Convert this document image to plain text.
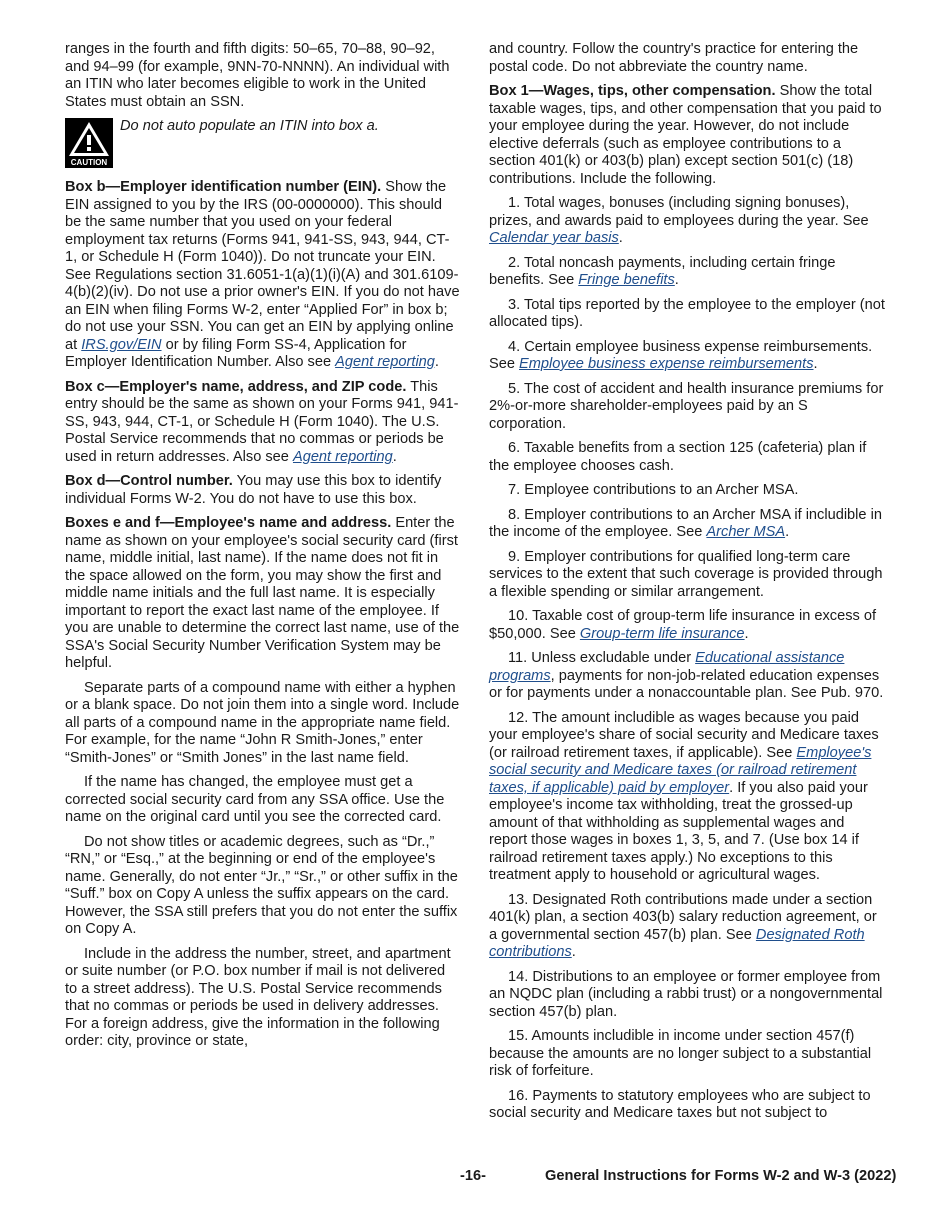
ranges in the fourth and fifth digits: 50–65, 70–88, 90–92, and 94–99 (for example, 9NN-70-NNNN). An individual with an ITIN who later becomes eligible to work in the United States must obtain an SSN.

CAUTION
Do not auto populate an ITIN into box a.

Box b—Employer identification number (EIN). Show the EIN assigned to you by the IRS (00-0000000). This should be the same number that you used on your federal employment tax returns (Forms 941, 941-SS, 943, 944, CT-1, or Schedule H (Form 1040)). Do not truncate your EIN. See Regulations section 31.6051-1(a)(1)(i)(A) and 301.6109-4(b)(2)(iv). Do not use a prior owner's EIN. If you do not have an EIN when filing Forms W-2, enter “Applied For” in box b; do not use your SSN. You can get an EIN by applying online at IRS.gov/EIN or by filing Form SS-4, Application for Employer Identification Number. Also see Agent reporting.

Box c—Employer's name, address, and ZIP code. This entry should be the same as shown on your Forms 941, 941-SS, 943, 944, CT-1, or Schedule H (Form 1040). The U.S. Postal Service recommends that no commas or periods be used in return addresses. Also see Agent reporting.

Box d—Control number. You may use this box to identify individual Forms W-2. You do not have to use this box.

Boxes e and f—Employee's name and address. Enter the name as shown on your employee's social security card (first name, middle initial, last name). If the name does not fit in the space allowed on the form, you may show the first and middle name initials and the full last name. It is especially important to report the exact last name of the employee. If you are unable to determine the correct last name, use of the SSA's Social Security Number Verification System may be helpful.

Separate parts of a compound name with either a hyphen or a blank space. Do not join them into a single word. Include all parts of a compound name in the appropriate name field. For example, for the name “John R Smith-Jones,” enter “Smith-Jones” or “Smith Jones” in the last name field.

If the name has changed, the employee must get a corrected social security card from any SSA office. Use the name on the original card until you see the corrected card.

Do not show titles or academic degrees, such as “Dr.,” “RN,” or “Esq.,” at the beginning or end of the employee's name. Generally, do not enter “Jr.,” “Sr.,” or other suffix in the “Suff.” box on Copy A unless the suffix appears on the card. However, the SSA still prefers that you do not enter the suffix on Copy A.

Include in the address the number, street, and apartment or suite number (or P.O. box number if mail is not delivered to a street address). The U.S. Postal Service recommends that no commas or periods be used in delivery addresses. For a foreign address, give the information in the following order: city, province or state,

and country. Follow the country's practice for entering the postal code. Do not abbreviate the country name.

Box 1—Wages, tips, other compensation. Show the total taxable wages, tips, and other compensation that you paid to your employee during the year. However, do not include elective deferrals (such as employee contributions to a section 401(k) or 403(b) plan) except section 501(c) (18) contributions. Include the following.

1. Total wages, bonuses (including signing bonuses), prizes, and awards paid to employees during the year. See Calendar year basis.

2. Total noncash payments, including certain fringe benefits. See Fringe benefits.

3. Total tips reported by the employee to the employer (not allocated tips).

4. Certain employee business expense reimbursements. See Employee business expense reimbursements.

5. The cost of accident and health insurance premiums for 2%-or-more shareholder-employees paid by an S corporation.

6. Taxable benefits from a section 125 (cafeteria) plan if the employee chooses cash.

7. Employee contributions to an Archer MSA.

8. Employer contributions to an Archer MSA if includible in the income of the employee. See Archer MSA.

9. Employer contributions for qualified long-term care services to the extent that such coverage is provided through a flexible spending or similar arrangement.

10. Taxable cost of group-term life insurance in excess of $50,000. See Group-term life insurance.

11. Unless excludable under Educational assistance programs, payments for non-job-related education expenses or for payments under a nonaccountable plan. See Pub. 970.

12. The amount includible as wages because you paid your employee's share of social security and Medicare taxes (or railroad retirement taxes, if applicable). See Employee's social security and Medicare taxes (or railroad retirement taxes, if applicable) paid by employer. If you also paid your employee's income tax withholding, treat the grossed-up amount of that withholding as supplemental wages and report those wages in boxes 1, 3, 5, and 7. (Use box 14 if railroad retirement taxes apply.) No exceptions to this treatment apply to household or agricultural wages.

13. Designated Roth contributions made under a section 401(k) plan, a section 403(b) salary reduction agreement, or a governmental section 457(b) plan. See Designated Roth contributions.

14. Distributions to an employee or former employee from an NQDC plan (including a rabbi trust) or a nongovernmental section 457(b) plan.

15. Amounts includible in income under section 457(f) because the amounts are no longer subject to a substantial risk of forfeiture.

16. Payments to statutory employees who are subject to social security and Medicare taxes but not subject to

-16-	General Instructions for Forms W-2 and W-3 (2022)
